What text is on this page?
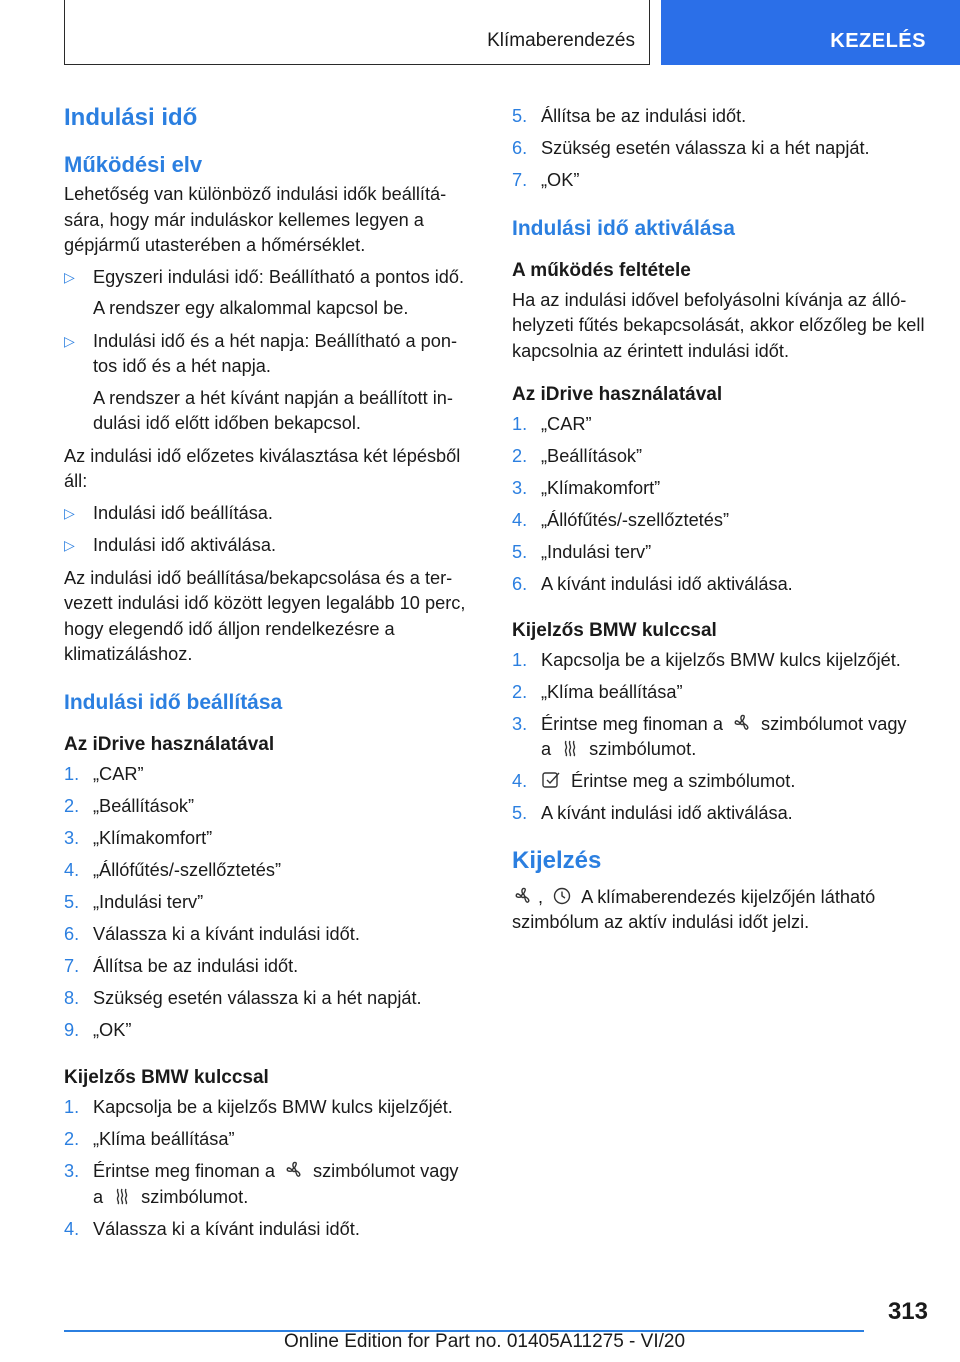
Klímaberendezés	KEZELÉS
Indulási idő
Működési elv
Lehetőség van különböző indulási idők beállítá-sára, hogy már induláskor kellemes legyen a gépjármű utasterében a hőmérséklet.
▷ Egyszeri indulási idő: Beállítható a pontos idő.
A rendszer egy alkalommal kapcsol be.
▷ Indulási idő és a hét napja: Beállítható a pon-tos idő és a hét napja.
A rendszer a hét kívánt napján a beállított in-dulási idő előtt időben bekapcsol.
Az indulási idő előzetes kiválasztása két lépésből áll:
▷ Indulási idő beállítása.
▷ Indulási idő aktiválása.
Az indulási idő beállítása/bekapcsolása és a ter-vezett indulási idő között legyen legalább 10 perc, hogy elegendő idő álljon rendelkezésre a klimatizáláshoz.
Indulási idő beállítása
Az iDrive használatával
1. „CAR”
2. „Beállítások”
3. „Klímakomfort”
4. „Állófűtés/-szellőztetés”
5. „Indulási terv”
6. Válassza ki a kívánt indulási időt.
7. Állítsa be az indulási időt.
8. Szükség esetén válassza ki a hét napját.
9. „OK”
Kijelzős BMW kulccsal
1. Kapcsolja be a kijelzős BMW kulcs kijelzőjét.
2. „Klíma beállítása”
3. Érintse meg finoman a szimbólumot vagy
a szimbólumot.
4. Válassza ki a kívánt indulási időt.
5. Állítsa be az indulási időt.
6. Szükség esetén válassza ki a hét napját.
7. „OK”
Indulási idő aktiválása
A működés feltétele
Ha az indulási idővel befolyásolni kívánja az álló-helyzeti fűtés bekapcsolását, akkor előzőleg be kell kapcsolnia az érintett indulási időt.
Az iDrive használatával
1. „CAR”
2. „Beállítások”
3. „Klímakomfort”
4. „Állófűtés/-szellőztetés”
5. „Indulási terv”
6. A kívánt indulási idő aktiválása.
Kijelzős BMW kulccsal
1. Kapcsolja be a kijelzős BMW kulcs kijelzőjét.
2. „Klíma beállítása”
3. Érintse meg finoman a szimbólumot vagy
a szimbólumot.
4. Érintse meg a szimbólumot.
5. A kívánt indulási idő aktiválása.
Kijelzés
, A klímaberendezés kijelzőjén látható
szimbólum az aktív indulási időt jelzi.
313
Online Edition for Part no. 01405A11275 - VI/20
